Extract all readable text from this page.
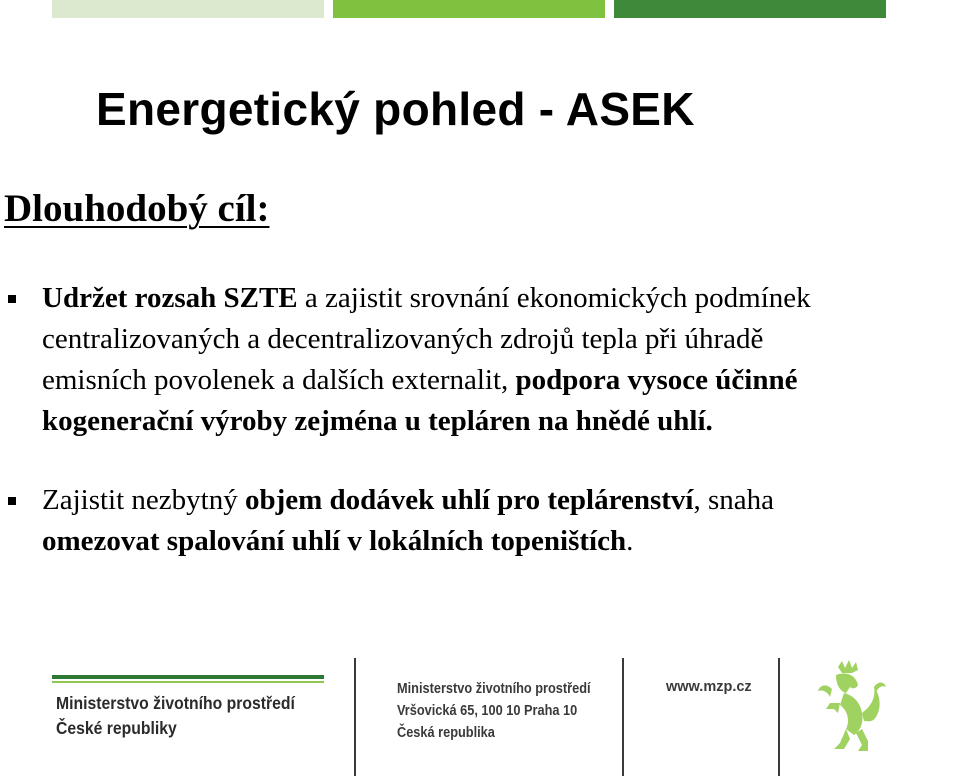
Energetický pohled - ASEK
Dlouhodobý cíl:
Udržet rozsah SZTE a zajistit srovnání ekonomických podmínek
centralizovaných a decentralizovaných zdrojů tepla při úhradě
emisních povolenek a dalších externalit, podpora vysoce účinné
kogenerační výroby zejména u tepláren na hnědé uhlí.
Zajistit nezbytný objem dodávek uhlí pro teplárenství, snaha
omezovat spalování uhlí v lokálních topeništích.
Ministerstvo životního prostředí
České republiky
Ministerstvo životního prostředí
Vršovická 65, 100 10 Praha 10
Česká republika
www.mzp.cz
